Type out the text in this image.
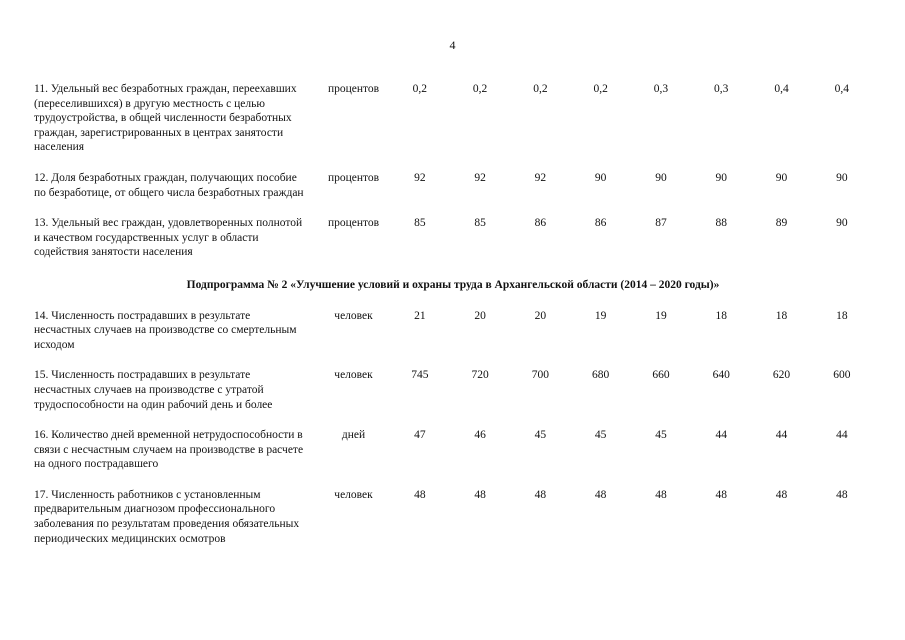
4
11. Удельный вес безработных граждан, переехавших (переселившихся) в другую местность с целью трудоустройства, в общей численности безработных граждан, зарегистрированных в центрах занятости населения	процентов	0,2	0,2	0,2	0,2	0,3	0,3	0,4	0,4
12. Доля безработных граждан, получающих пособие по безработице, от общего числа безработных граждан	процентов	92	92	92	90	90	90	90	90
13. Удельный вес граждан, удовлетворенных полнотой и качеством государственных услуг в области содействия занятости населения	процентов	85	85	86	86	87	88	89	90
Подпрограмма № 2 «Улучшение условий и охраны труда в Архангельской области (2014 – 2020 годы)»									
14. Численность пострадавших в результате несчастных случаев на производстве со смертельным исходом	человек	21	20	20	19	19	18	18	18
15. Численность пострадавших в результате несчастных случаев на производстве с утратой трудоспособности на один рабочий день и более	человек	745	720	700	680	660	640	620	600
16. Количество дней временной нетрудоспособности в связи с несчастным случаем на производстве в расчете на одного пострадавшего	дней	47	46	45	45	45	44	44	44
17. Численность работников с установленным предварительным диагнозом профессионального заболевания по результатам проведения обязательных периодических медицинских осмотров	человек	48	48	48	48	48	48	48	48
